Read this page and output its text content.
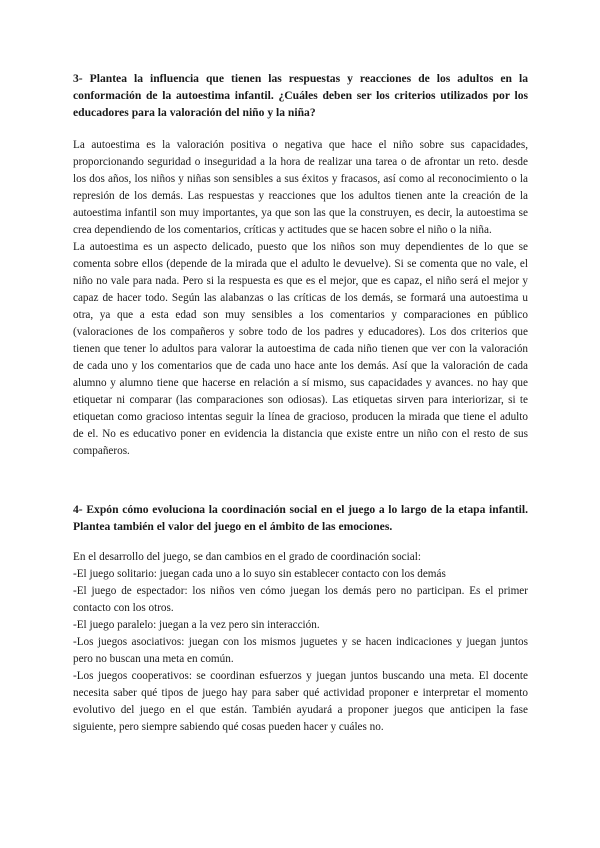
3- Plantea la influencia que tienen las respuestas y reacciones de los adultos en la conformación de la autoestima infantil. ¿Cuáles deben ser los criterios utilizados por los educadores para la valoración del niño y la niña?

La autoestima es la valoración positiva o negativa que hace el niño sobre sus capacidades, proporcionando seguridad o inseguridad a la hora de realizar una tarea o de afrontar un reto. desde los dos años, los niños y niñas son sensibles a sus éxitos y fracasos, así como al reconocimiento o la represión de los demás. Las respuestas y reacciones que los adultos tienen ante la creación de la autoestima infantil son muy importantes, ya que son las que la construyen, es decir, la autoestima se crea dependiendo de los comentarios, críticas y actitudes que se hacen sobre el niño o la niña.

La autoestima es un aspecto delicado, puesto que los niños son muy dependientes de lo que se comenta sobre ellos (depende de la mirada que el adulto le devuelve). Si se comenta que no vale, el niño no vale para nada. Pero si la respuesta es que es el mejor, que es capaz, el niño será el mejor y capaz de hacer todo. Según las alabanzas o las críticas de los demás, se formará una autoestima u otra, ya que a esta edad son muy sensibles a los comentarios y comparaciones en público (valoraciones de los compañeros y sobre todo de los padres y educadores). Los dos criterios que tienen que tener lo adultos para valorar la autoestima de cada niño tienen que ver con la valoración de cada uno y los comentarios que de cada uno hace ante los demás. Así que la valoración de cada alumno y alumno tiene que hacerse en relación a sí mismo, sus capacidades y avances. no hay que etiquetar ni comparar (las comparaciones son odiosas). Las etiquetas sirven para interiorizar, si te etiquetan como gracioso intentas seguir la línea de gracioso, producen la mirada que tiene el adulto de el. No es educativo poner en evidencia la distancia que existe entre un niño con el resto de sus compañeros.

4- Expón cómo evoluciona la coordinación social en el juego a lo largo de la etapa infantil. Plantea también el valor del juego en el ámbito de las emociones.

En el desarrollo del juego, se dan cambios en el grado de coordinación social:

-El juego solitario: juegan cada uno a lo suyo sin establecer contacto con los demás

-El juego de espectador: los niños ven cómo juegan los demás pero no participan. Es el primer contacto con los otros.

-El juego paralelo: juegan a la vez pero sin interacción.

-Los juegos asociativos: juegan con los mismos juguetes y se hacen indicaciones y juegan juntos pero no buscan una meta en común.

-Los juegos cooperativos: se coordinan esfuerzos y juegan juntos buscando una meta. El docente necesita saber qué tipos de juego hay para saber qué actividad proponer e interpretar el momento evolutivo del juego en el que están. También ayudará a proponer juegos que anticipen la fase siguiente, pero siempre sabiendo qué cosas pueden hacer y cuáles no.
